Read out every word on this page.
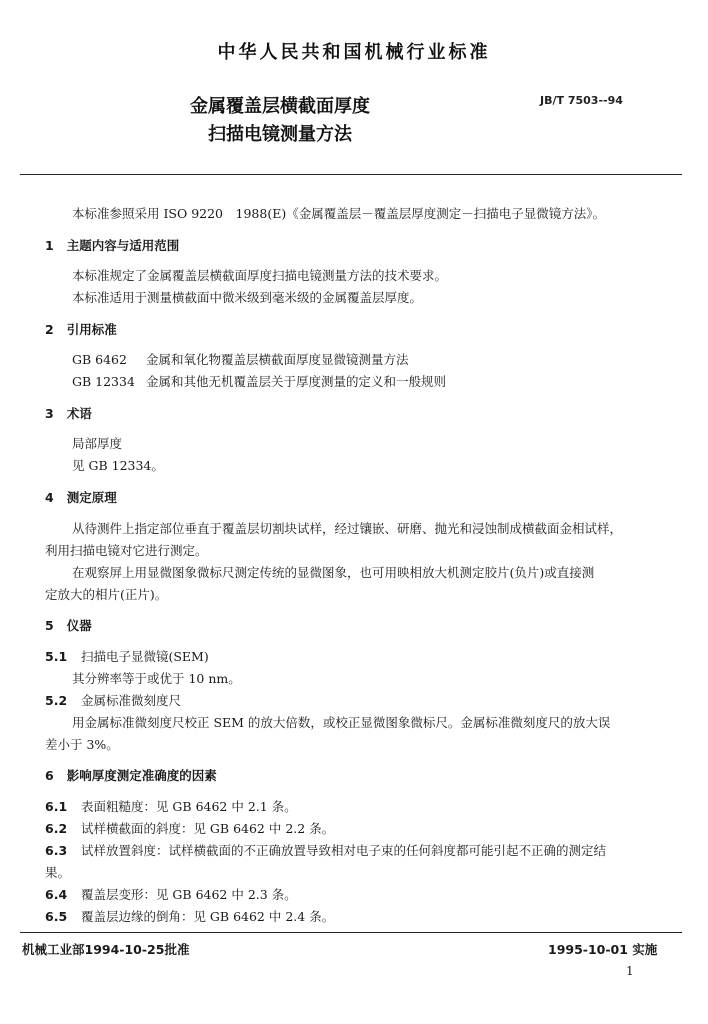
中华人民共和国机械行业标准
金属覆盖层横截面厚度
扫描电镜测量方法
JB/T 7503--94
本标准参照采用 ISO 9220　1988(E)《金属覆盖层－覆盖层厚度测定－扫描电子显微镜方法》。
1 主题内容与适用范围
本标准规定了金属覆盖层横截面厚度扫描电镜测量方法的技术要求。
本标准适用于测量横截面中微米级到毫米级的金属覆盖层厚度。
2 引用标准
GB 6462 金属和氧化物覆盖层横截面厚度显微镜测量方法
GB 12334 金属和其他无机覆盖层关于厚度测量的定义和一般规则
3 术语
局部厚度
见 GB 12334。
4 测定原理
从待测件上指定部位垂直于覆盖层切割块试样，经过镶嵌、研磨、抛光和浸蚀制成横截面金相试样，
利用扫描电镜对它进行测定。
在观察屏上用显微图象微标尺测定传统的显微图象，也可用映相放大机测定胶片(负片)或直接测
定放大的相片(正片)。
5 仪器
5.1 扫描电子显微镜(SEM)
其分辨率等于或优于 10 nm。
5.2 金属标准微刻度尺
用金属标准微刻度尺校正 SEM 的放大倍数，或校正显微图象微标尺。金属标准微刻度尺的放大误
差小于 3%。
6 影响厚度测定准确度的因素
6.1 表面粗糙度：见 GB 6462 中 2.1 条。
6.2 试样横截面的斜度：见 GB 6462 中 2.2 条。
6.3 试样放置斜度：试样横截面的不正确放置导致相对电子束的任何斜度都可能引起不正确的测定结
果。
6.4 覆盖层变形：见 GB 6462 中 2.3 条。
6.5 覆盖层边缘的倒角：见 GB 6462 中 2.4 条。
机械工业部1994-10-25批准	1995-10-01 实施
1
